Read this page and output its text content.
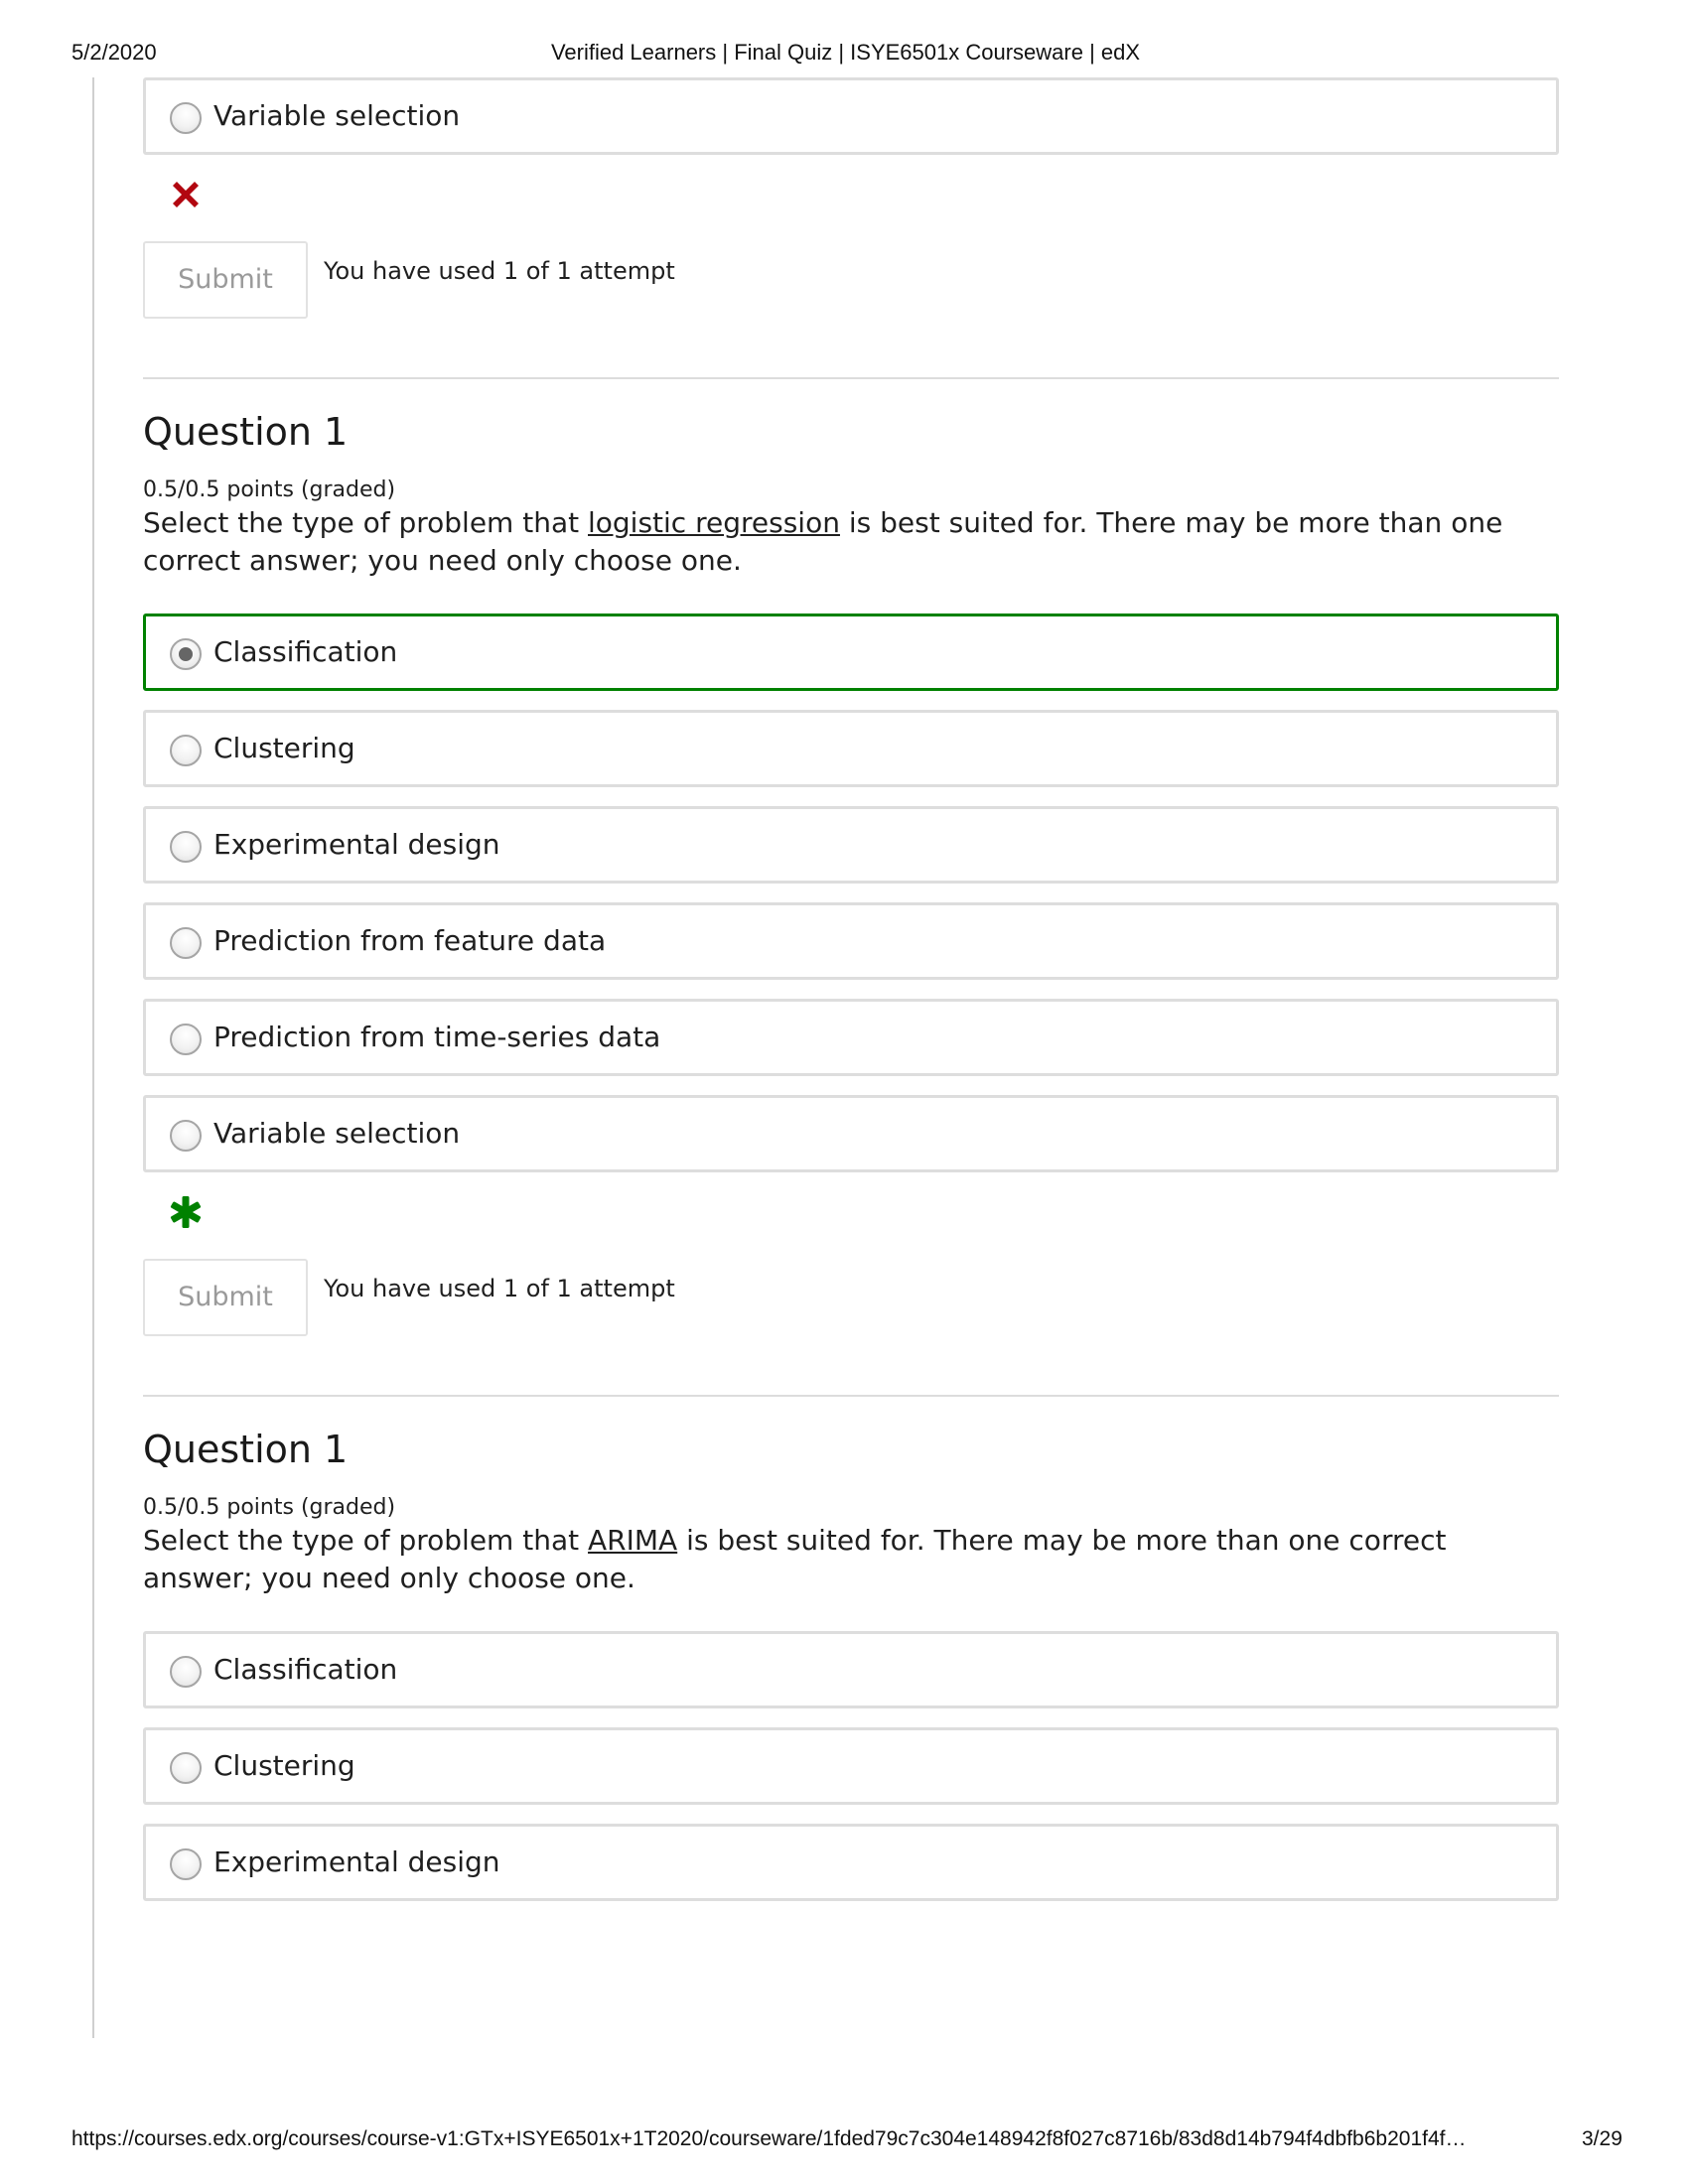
5/2/2020	Verified Learners | Final Quiz | ISYE6501x Courseware | edX
Variable selection
Submit	You have used 1 of 1 attempt
Question 1
0.5/0.5 points (graded)
Select the type of problem that logistic regression is best suited for. There may be more than one correct answer; you need only choose one.
Classification
Clustering
Experimental design
Prediction from feature data
Prediction from time-series data
Variable selection
Submit	You have used 1 of 1 attempt
Question 1
0.5/0.5 points (graded)
Select the type of problem that ARIMA is best suited for. There may be more than one correct answer; you need only choose one.
Classification
Clustering
Experimental design
https://courses.edx.org/courses/course-v1:GTx+ISYE6501x+1T2020/courseware/1fded79c7c304e148942f8f027c8716b/83d8d14b794f4dbfb6b201f4f…	3/29
